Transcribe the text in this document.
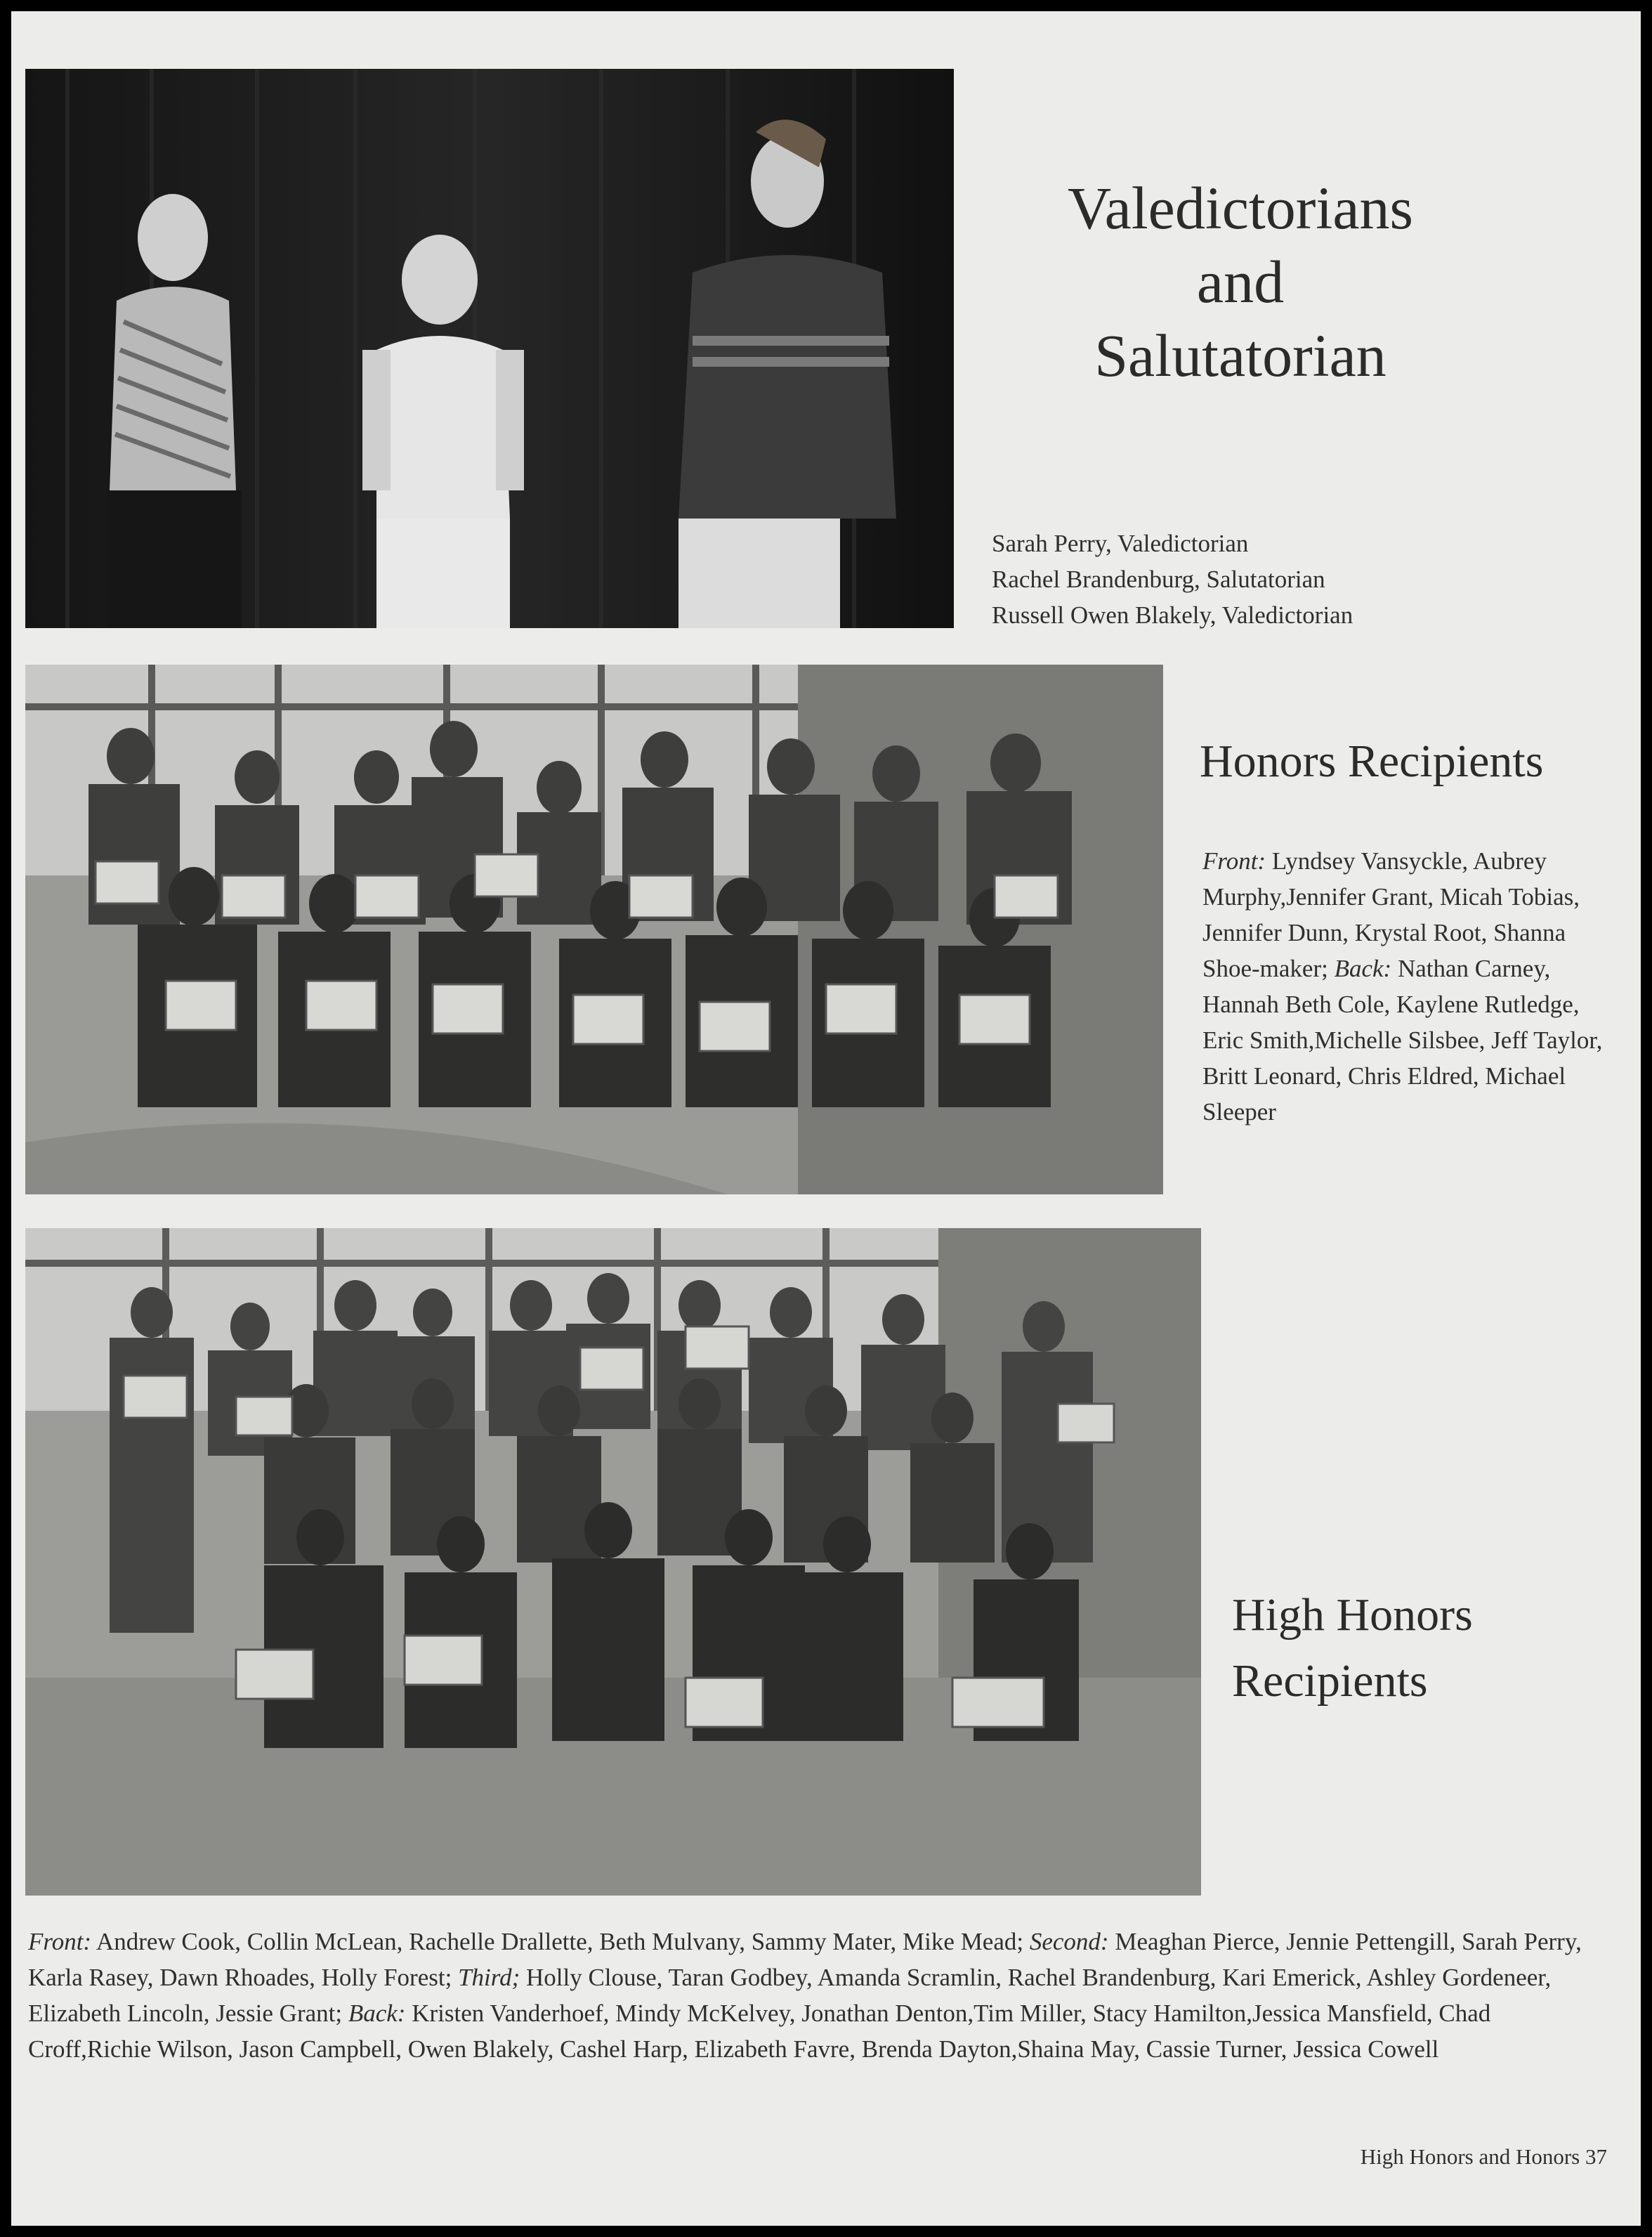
Valedictorians
and
Salutatorian
Sarah Perry, Valedictorian
Rachel Brandenburg, Salutatorian
Russell Owen Blakely, Valedictorian
Honors Recipients
Front: Lyndsey Vansyckle, Aubrey Murphy,Jennifer Grant, Micah Tobias, Jennifer Dunn, Krystal Root, Shanna Shoe-maker; Back: Nathan Carney, Hannah Beth Cole, Kaylene Rutledge, Eric Smith,Michelle Silsbee, Jeff Taylor, Britt Leonard, Chris Eldred, Michael Sleeper
High Honors
Recipients
Front: Andrew Cook, Collin McLean, Rachelle Drallette, Beth Mulvany, Sammy Mater, Mike Mead; Second: Meaghan Pierce, Jennie Pettengill, Sarah Perry, Karla Rasey, Dawn Rhoades, Holly Forest; Third; Holly Clouse, Taran Godbey, Amanda Scramlin, Rachel Brandenburg, Kari Emerick, Ashley Gordeneer, Elizabeth Lincoln, Jessie Grant; Back: Kristen Vanderhoef, Mindy McKelvey, Jonathan Denton,Tim Miller, Stacy Hamilton,Jessica Mansfield, Chad Croff,Richie Wilson, Jason Campbell, Owen Blakely, Cashel Harp, Elizabeth Favre, Brenda Dayton,Shaina May, Cassie Turner, Jessica Cowell
High Honors and Honors 37
